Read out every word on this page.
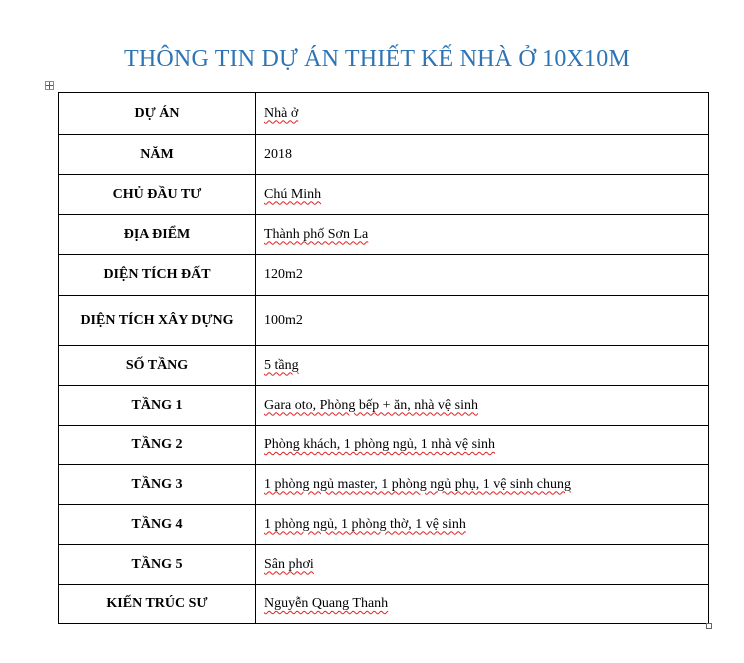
THÔNG TIN DỰ ÁN THIẾT KẾ NHÀ Ở 10X10M
DỰ ÁN	Nhà ở
NĂM	2018
CHỦ ĐẦU TƯ	Chú Minh
ĐỊA ĐIỂM	Thành phố Sơn La
DIỆN TÍCH ĐẤT	120m2
DIỆN TÍCH XÂY DỰNG	100m2
SỐ TẦNG	5 tầng
TẦNG 1	Gara oto, Phòng bếp + ăn, nhà vệ sinh
TẦNG 2	Phòng khách, 1 phòng ngủ, 1 nhà vệ sinh
TẦNG 3	1 phòng ngủ master, 1 phòng ngủ phụ, 1 vệ sinh chung
TẦNG 4	1 phòng ngủ, 1 phòng thờ, 1 vệ sinh
TẦNG 5	Sân phơi
KIẾN TRÚC SƯ	Nguyễn Quang Thanh
